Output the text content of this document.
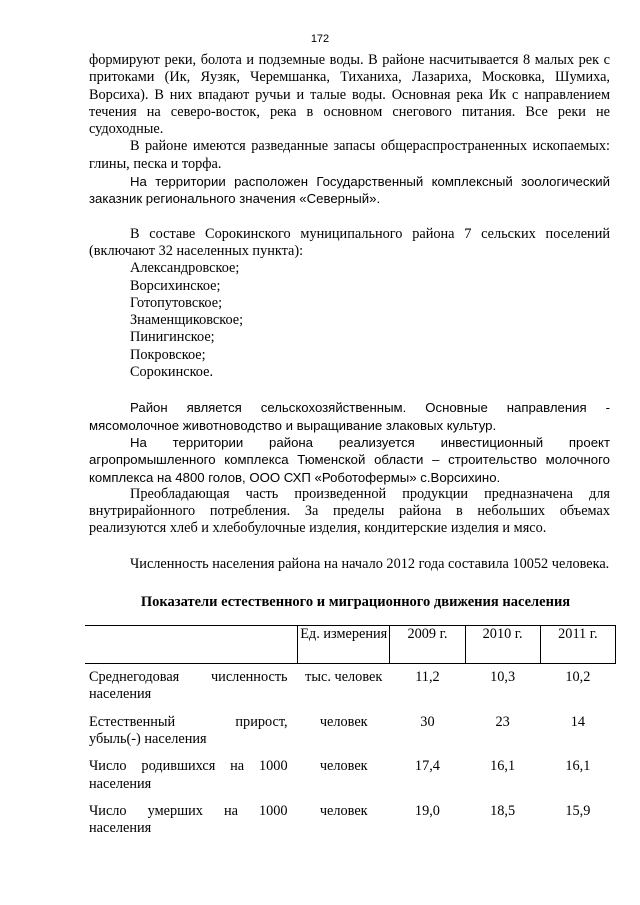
172

формируют реки, болота и подземные воды. В районе насчитывается 8 малых рек с притоками (Ик, Яузяк, Черемшанка, Тиханиха, Лазариха, Московка, Шумиха, Ворсиха). В них впадают ручьи и талые воды. Основная река Ик с направлением течения на северо-восток, река в основном снегового питания. Все реки не судоходные.

В районе имеются разведанные запасы общераспространенных ископаемых: глины, песка и торфа.

На территории расположен Государственный комплексный зоологический заказник регионального значения «Северный».

В составе Сорокинского муниципального района 7 сельских поселений (включают 32 населенных пункта):

Александровское;
Ворсихинское;
Готопутовское;
Знаменщиковское;
Пинигинское;
Покровское;
Сорокинское.

Район является сельскохозяйственным. Основные направления - мясомолочное животноводство и выращивание злаковых культур.

На территории района реализуется инвестиционный проект агропромышленного комплекса Тюменской области – строительство молочного комплекса на 4800 голов, ООО СХП «Роботофермы» с.Ворсихино.

Преобладающая часть произведенной продукции предназначена для внутрирайонного потребления. За пределы района в небольших объемах реализуются хлеб и хлебобулочные изделия, кондитерские изделия и мясо.

Численность населения района на начало 2012 года составила 10052 человека.

Показатели естественного и миграционного движения населения
	Ед. измерения	2009 г.	2010 г.	2011 г.
Среднегодовая численность
населения	тыс. человек	11,2	10,3	10,2
Естественный прирост,
убыль(-) населения	человек	30	23	14
Число родившихся на 1000
населения	человек	17,4	16,1	16,1
Число умерших на 1000
населения	человек	19,0	18,5	15,9
